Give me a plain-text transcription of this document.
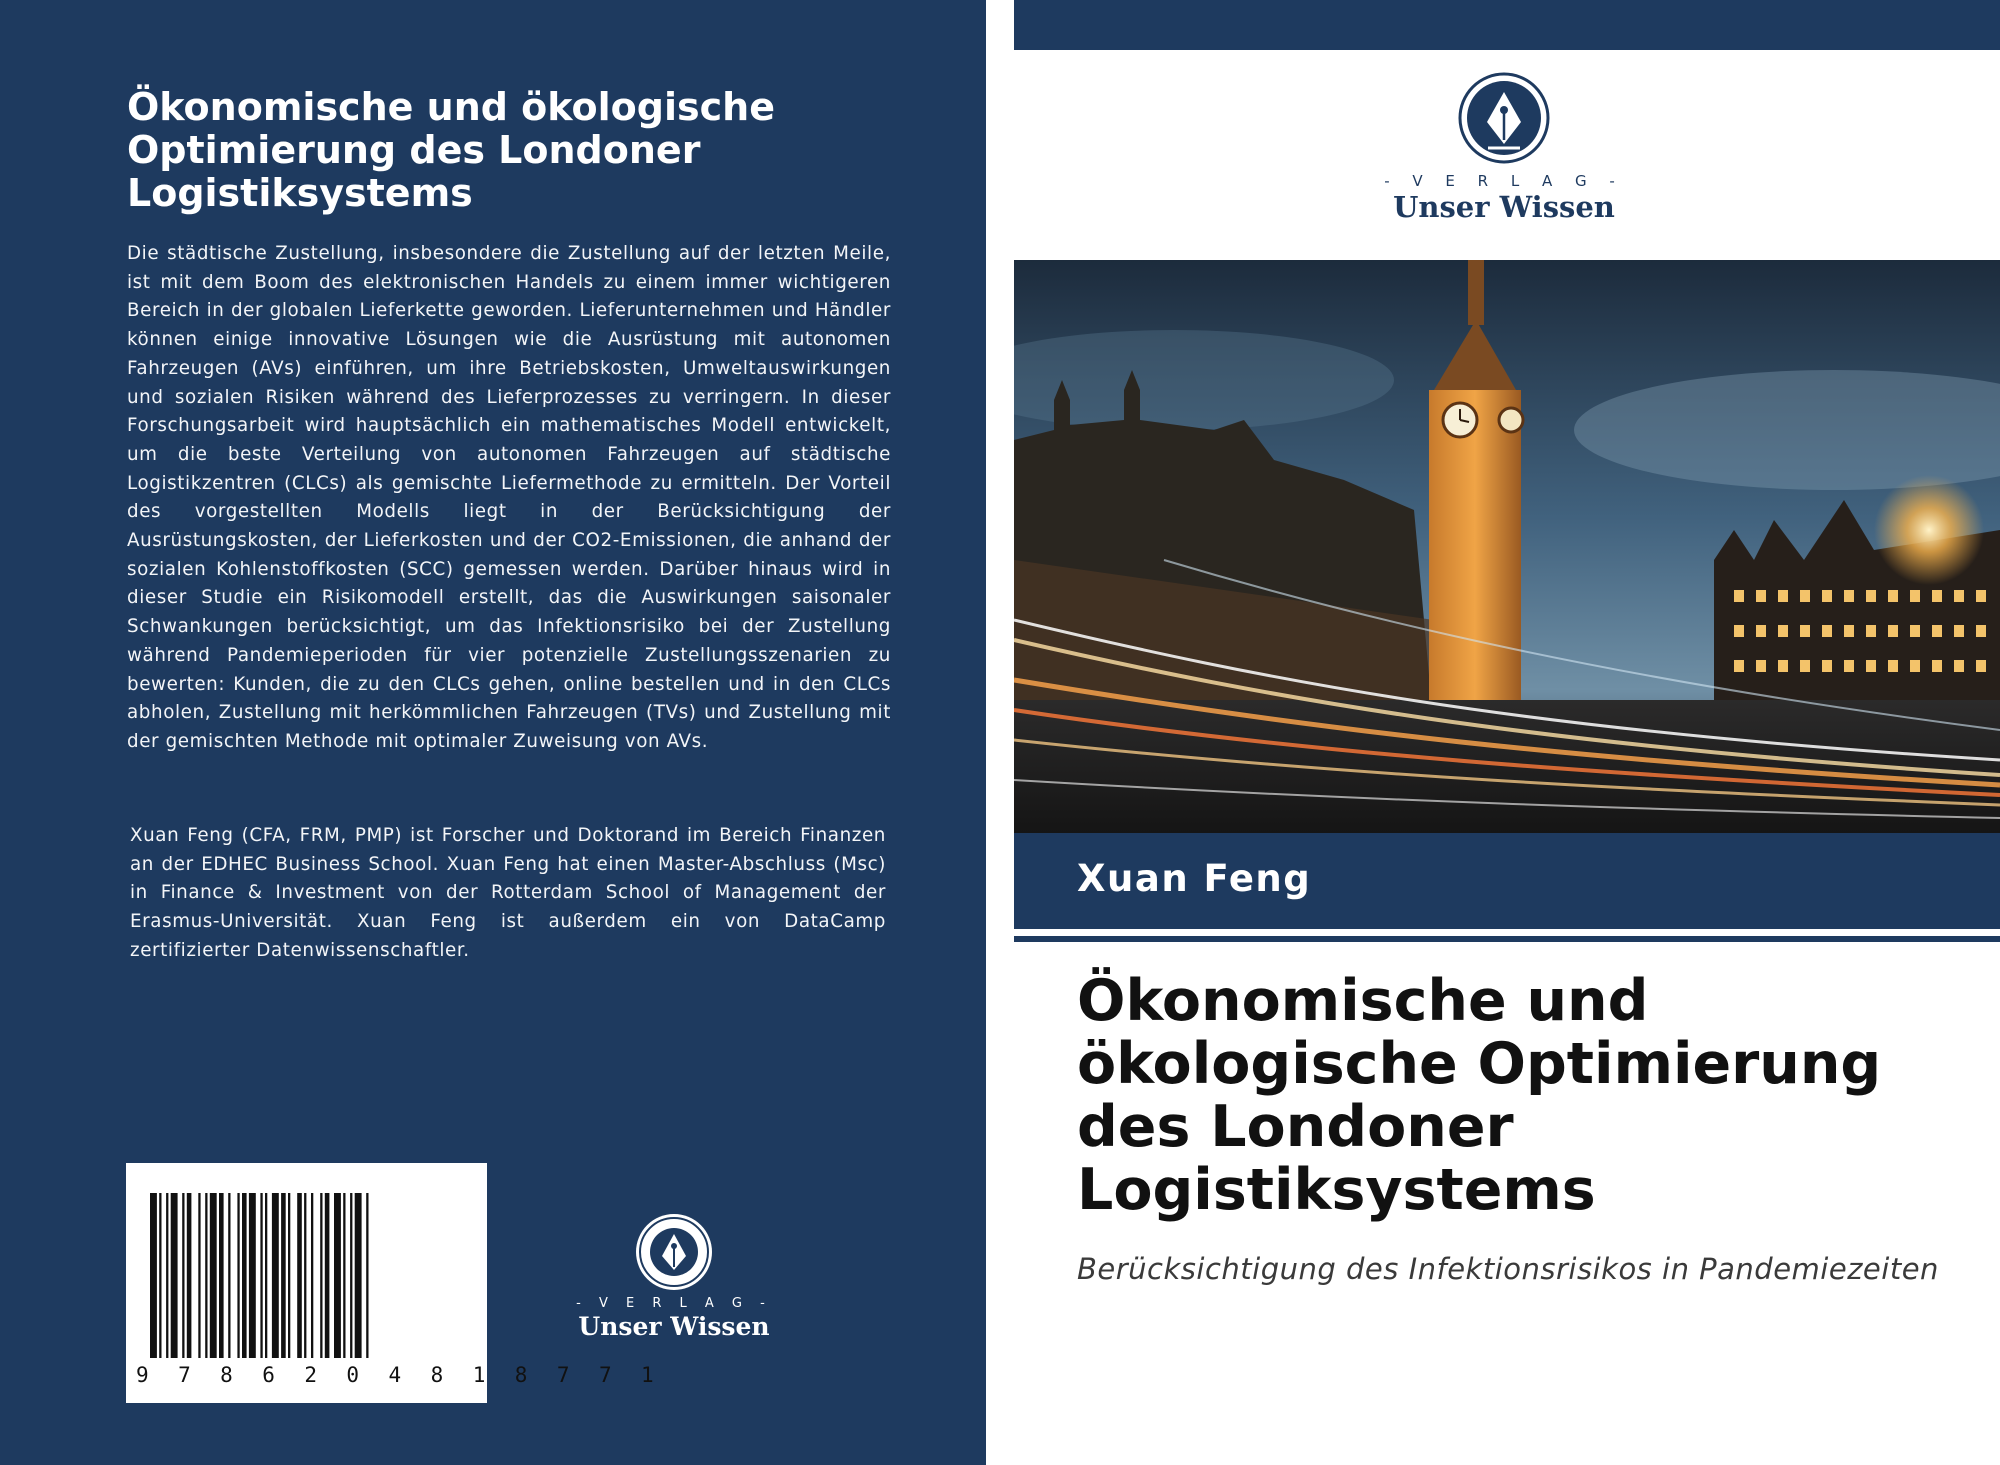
Ökonomische und ökologische Optimierung des Londoner Logistiksystems

Die städtische Zustellung, insbesondere die Zustellung auf der letzten Meile, ist mit dem Boom des elektronischen Handels zu einem immer wichtigeren Bereich in der globalen Lieferkette geworden. Lieferunternehmen und Händler können einige innovative Lösungen wie die Ausrüstung mit autonomen Fahrzeugen (AVs) einführen, um ihre Betriebskosten, Umweltauswirkungen und sozialen Risiken während des Lieferprozesses zu verringern. In dieser Forschungsarbeit wird hauptsächlich ein mathematisches Modell entwickelt, um die beste Verteilung von autonomen Fahrzeugen auf städtische Logistikzentren (CLCs) als gemischte Liefermethode zu ermitteln. Der Vorteil des vorgestellten Modells liegt in der Berücksichtigung der Ausrüstungskosten, der Lieferkosten und der CO2-Emissionen, die anhand der sozialen Kohlenstoffkosten (SCC) gemessen werden. Darüber hinaus wird in dieser Studie ein Risikomodell erstellt, das die Auswirkungen saisonaler Schwankungen berücksichtigt, um das Infektionsrisiko bei der Zustellung während Pandemieperioden für vier potenzielle Zustellungsszenarien zu bewerten: Kunden, die zu den CLCs gehen, online bestellen und in den CLCs abholen, Zustellung mit herkömmlichen Fahrzeugen (TVs) und Zustellung mit der gemischten Methode mit optimaler Zuweisung von AVs.

Xuan Feng (CFA, FRM, PMP) ist Forscher und Doktorand im Bereich Finanzen an der EDHEC Business School. Xuan Feng hat einen Master-Abschluss (Msc) in Finance & Investment von der Rotterdam School of Management der Erasmus-Universität. Xuan Feng ist außerdem ein von DataCamp zertifizierter Datenwissenschaftler.

9 7 8 6 2 0 4 8 1 8 7 7 1
- V E R L A G -
Unser Wissen
- V E R L A G -
Unser Wissen
Xuan Feng
Ökonomische und ökologische Optimierung des Londoner Logistiksystems

Berücksichtigung des Infektionsrisikos in Pandemiezeiten
